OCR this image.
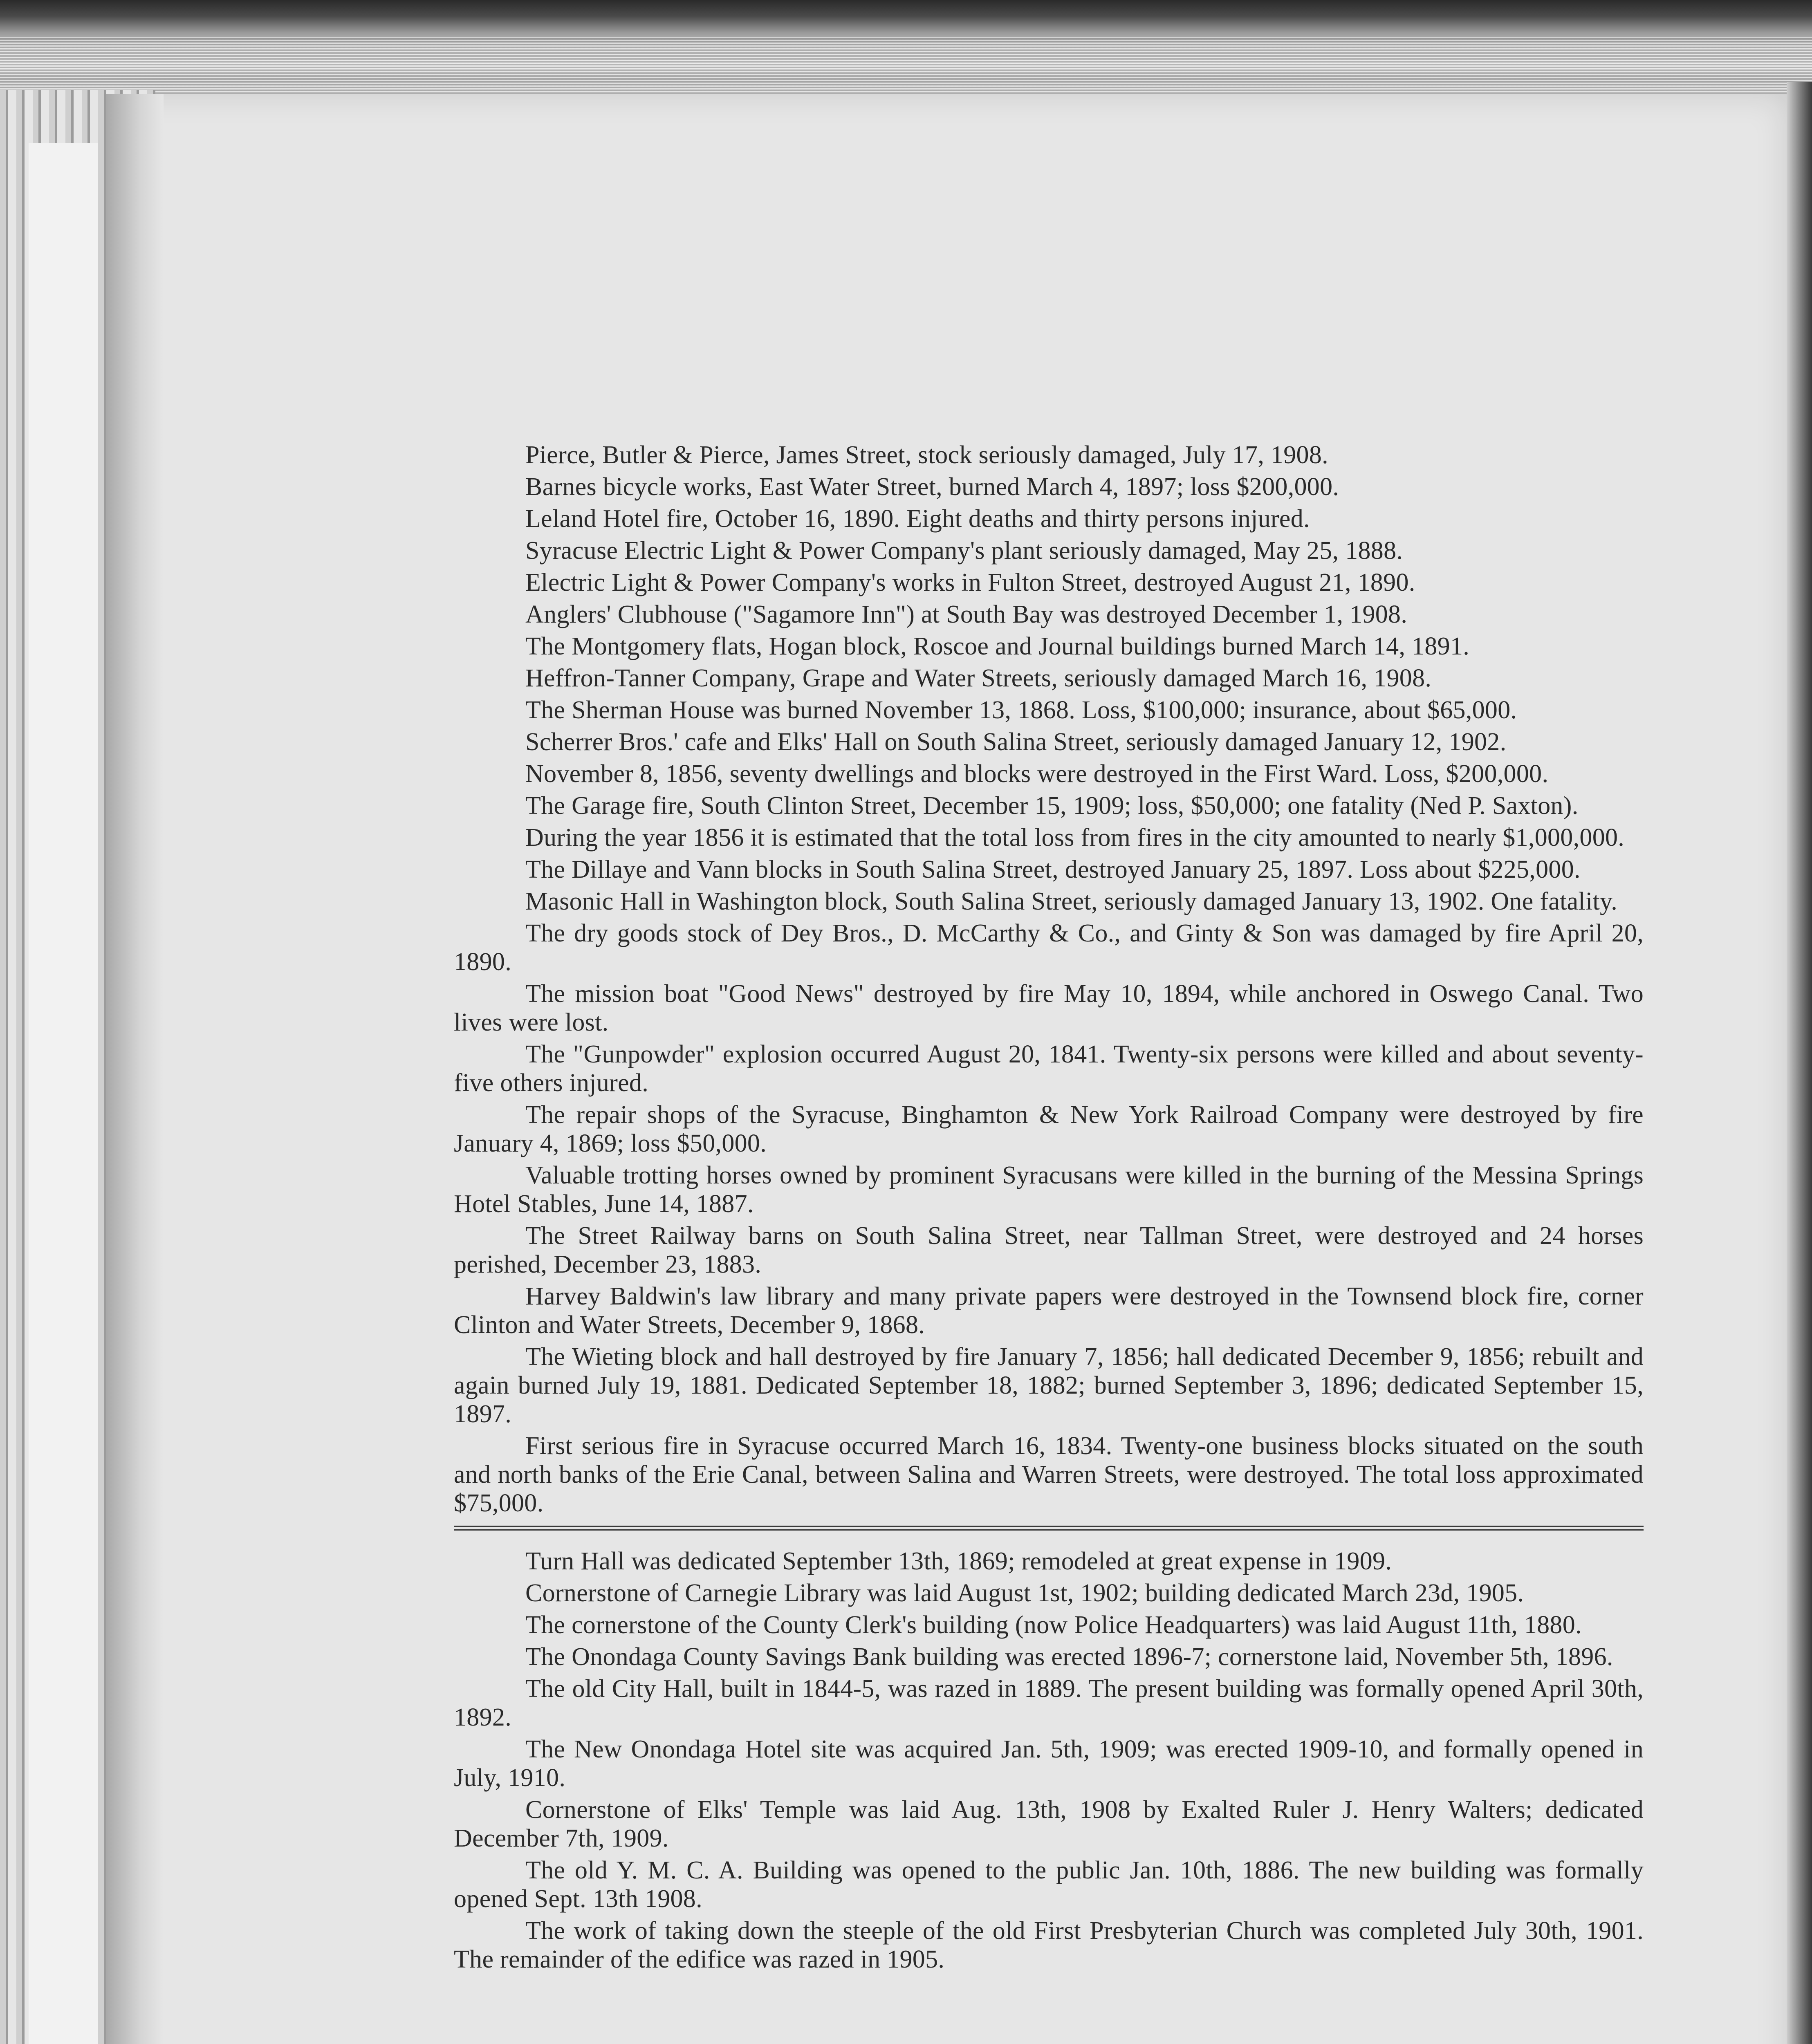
Pierce, Butler & Pierce, James Street, stock seriously damaged, July 17, 1908.

Barnes bicycle works, East Water Street, burned March 4, 1897; loss $200,000.

Leland Hotel fire, October 16, 1890. Eight deaths and thirty persons injured.

Syracuse Electric Light & Power Company's plant seriously damaged, May 25, 1888.

Electric Light & Power Company's works in Fulton Street, destroyed August 21, 1890.

Anglers' Clubhouse ("Sagamore Inn") at South Bay was destroyed December 1, 1908.

The Montgomery flats, Hogan block, Roscoe and Journal buildings burned March 14, 1891.

Heffron-Tanner Company, Grape and Water Streets, seriously damaged March 16, 1908.

The Sherman House was burned November 13, 1868. Loss, $100,000; insurance, about $65,000.

Scherrer Bros.' cafe and Elks' Hall on South Salina Street, seriously damaged January 12, 1902.

November 8, 1856, seventy dwellings and blocks were destroyed in the First Ward. Loss, $200,000.

The Garage fire, South Clinton Street, December 15, 1909; loss, $50,000; one fatality (Ned P. Saxton).

During the year 1856 it is estimated that the total loss from fires in the city amounted to nearly $1,000,000.

The Dillaye and Vann blocks in South Salina Street, destroyed January 25, 1897. Loss about $225,000.

Masonic Hall in Washington block, South Salina Street, seriously damaged January 13, 1902. One fatality.

The dry goods stock of Dey Bros., D. McCarthy & Co., and Ginty & Son was damaged by fire April 20, 1890.

The mission boat "Good News" destroyed by fire May 10, 1894, while anchored in Oswego Canal. Two lives were lost.

The "Gunpowder" explosion occurred August 20, 1841. Twenty-six persons were killed and about seventy-five others injured.

The repair shops of the Syracuse, Binghamton & New York Railroad Company were destroyed by fire January 4, 1869; loss $50,000.

Valuable trotting horses owned by prominent Syracusans were killed in the burning of the Messina Springs Hotel Stables, June 14, 1887.

The Street Railway barns on South Salina Street, near Tallman Street, were destroyed and 24 horses perished, December 23, 1883.

Harvey Baldwin's law library and many private papers were destroyed in the Townsend block fire, corner Clinton and Water Streets, December 9, 1868.

The Wieting block and hall destroyed by fire January 7, 1856; hall dedicated December 9, 1856; rebuilt and again burned July 19, 1881. Dedicated September 18, 1882; burned September 3, 1896; dedicated September 15, 1897.

First serious fire in Syracuse occurred March 16, 1834. Twenty-one business blocks situated on the south and north banks of the Erie Canal, between Salina and Warren Streets, were destroyed. The total loss approximated $75,000.

Turn Hall was dedicated September 13th, 1869; remodeled at great expense in 1909.

Cornerstone of Carnegie Library was laid August 1st, 1902; building dedicated March 23d, 1905.

The cornerstone of the County Clerk's building (now Police Headquarters) was laid August 11th, 1880.

The Onondaga County Savings Bank building was erected 1896-7; cornerstone laid, November 5th, 1896.

The old City Hall, built in 1844-5, was razed in 1889. The present building was formally opened April 30th, 1892.

The New Onondaga Hotel site was acquired Jan. 5th, 1909; was erected 1909-10, and formally opened in July, 1910.

Cornerstone of Elks' Temple was laid Aug. 13th, 1908 by Exalted Ruler J. Henry Walters; dedicated December 7th, 1909.

The old Y. M. C. A. Building was opened to the public Jan. 10th, 1886. The new building was formally opened Sept. 13th 1908.

The work of taking down the steeple of the old First Presbyterian Church was completed July 30th, 1901. The remainder of the edifice was razed in 1905.
